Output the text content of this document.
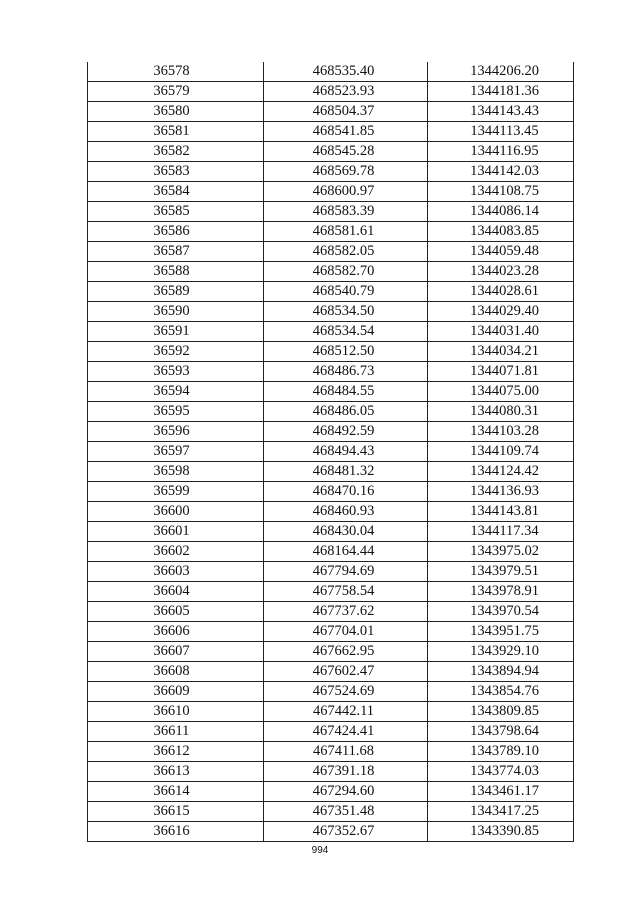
36578	468535.40	1344206.20
36579	468523.93	1344181.36
36580	468504.37	1344143.43
36581	468541.85	1344113.45
36582	468545.28	1344116.95
36583	468569.78	1344142.03
36584	468600.97	1344108.75
36585	468583.39	1344086.14
36586	468581.61	1344083.85
36587	468582.05	1344059.48
36588	468582.70	1344023.28
36589	468540.79	1344028.61
36590	468534.50	1344029.40
36591	468534.54	1344031.40
36592	468512.50	1344034.21
36593	468486.73	1344071.81
36594	468484.55	1344075.00
36595	468486.05	1344080.31
36596	468492.59	1344103.28
36597	468494.43	1344109.74
36598	468481.32	1344124.42
36599	468470.16	1344136.93
36600	468460.93	1344143.81
36601	468430.04	1344117.34
36602	468164.44	1343975.02
36603	467794.69	1343979.51
36604	467758.54	1343978.91
36605	467737.62	1343970.54
36606	467704.01	1343951.75
36607	467662.95	1343929.10
36608	467602.47	1343894.94
36609	467524.69	1343854.76
36610	467442.11	1343809.85
36611	467424.41	1343798.64
36612	467411.68	1343789.10
36613	467391.18	1343774.03
36614	467294.60	1343461.17
36615	467351.48	1343417.25
36616	467352.67	1343390.85
994
